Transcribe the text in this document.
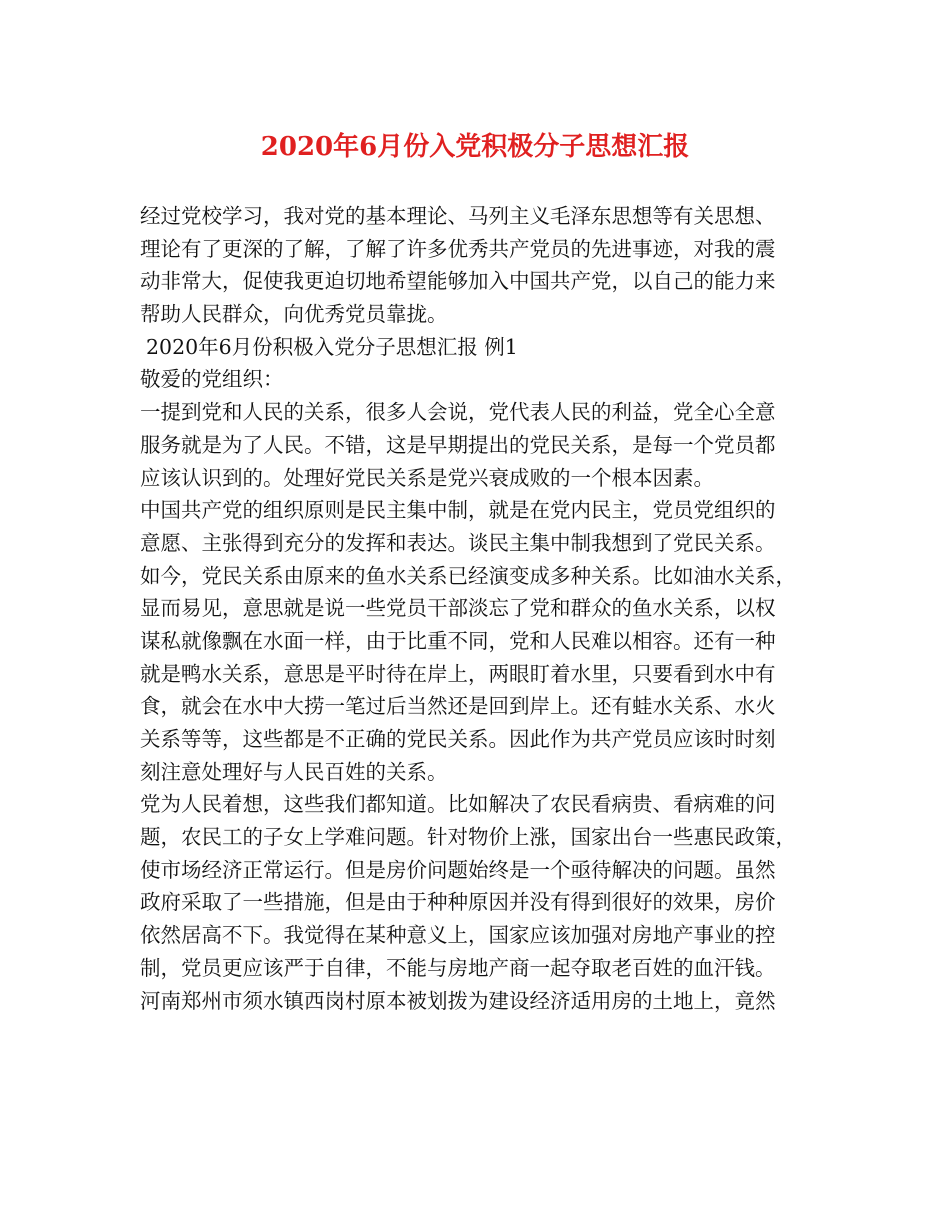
2020年6月份入党积极分子思想汇报

经过党校学习，我对党的基本理论、马列主义毛泽东思想等有关思想、

理论有了更深的了解，了解了许多优秀共产党员的先进事迹，对我的震

动非常大，促使我更迫切地希望能够加入中国共产党，以自己的能力来

帮助人民群众，向优秀党员靠拢。

2020年6月份积极入党分子思想汇报 例1

敬爱的党组织：

一提到党和人民的关系，很多人会说，党代表人民的利益，党全心全意

服务就是为了人民。不错，这是早期提出的党民关系，是每一个党员都

应该认识到的。处理好党民关系是党兴衰成败的一个根本因素。

中国共产党的组织原则是民主集中制，就是在党内民主，党员党组织的

意愿、主张得到充分的发挥和表达。谈民主集中制我想到了党民关系。

如今，党民关系由原来的鱼水关系已经演变成多种关系。比如油水关系，

显而易见，意思就是说一些党员干部淡忘了党和群众的鱼水关系，以权

谋私就像飘在水面一样，由于比重不同，党和人民难以相容。还有一种

就是鸭水关系，意思是平时待在岸上，两眼盯着水里，只要看到水中有

食，就会在水中大捞一笔过后当然还是回到岸上。还有蛙水关系、水火

关系等等，这些都是不正确的党民关系。因此作为共产党员应该时时刻

刻注意处理好与人民百姓的关系。

党为人民着想，这些我们都知道。比如解决了农民看病贵、看病难的问

题，农民工的子女上学难问题。针对物价上涨，国家出台一些惠民政策，

使市场经济正常运行。但是房价问题始终是一个亟待解决的问题。虽然

政府采取了一些措施，但是由于种种原因并没有得到很好的效果，房价

依然居高不下。我觉得在某种意义上，国家应该加强对房地产事业的控

制，党员更应该严于自律，不能与房地产商一起夺取老百姓的血汗钱。

河南郑州市须水镇西岗村原本被划拨为建设经济适用房的土地上，竟然
